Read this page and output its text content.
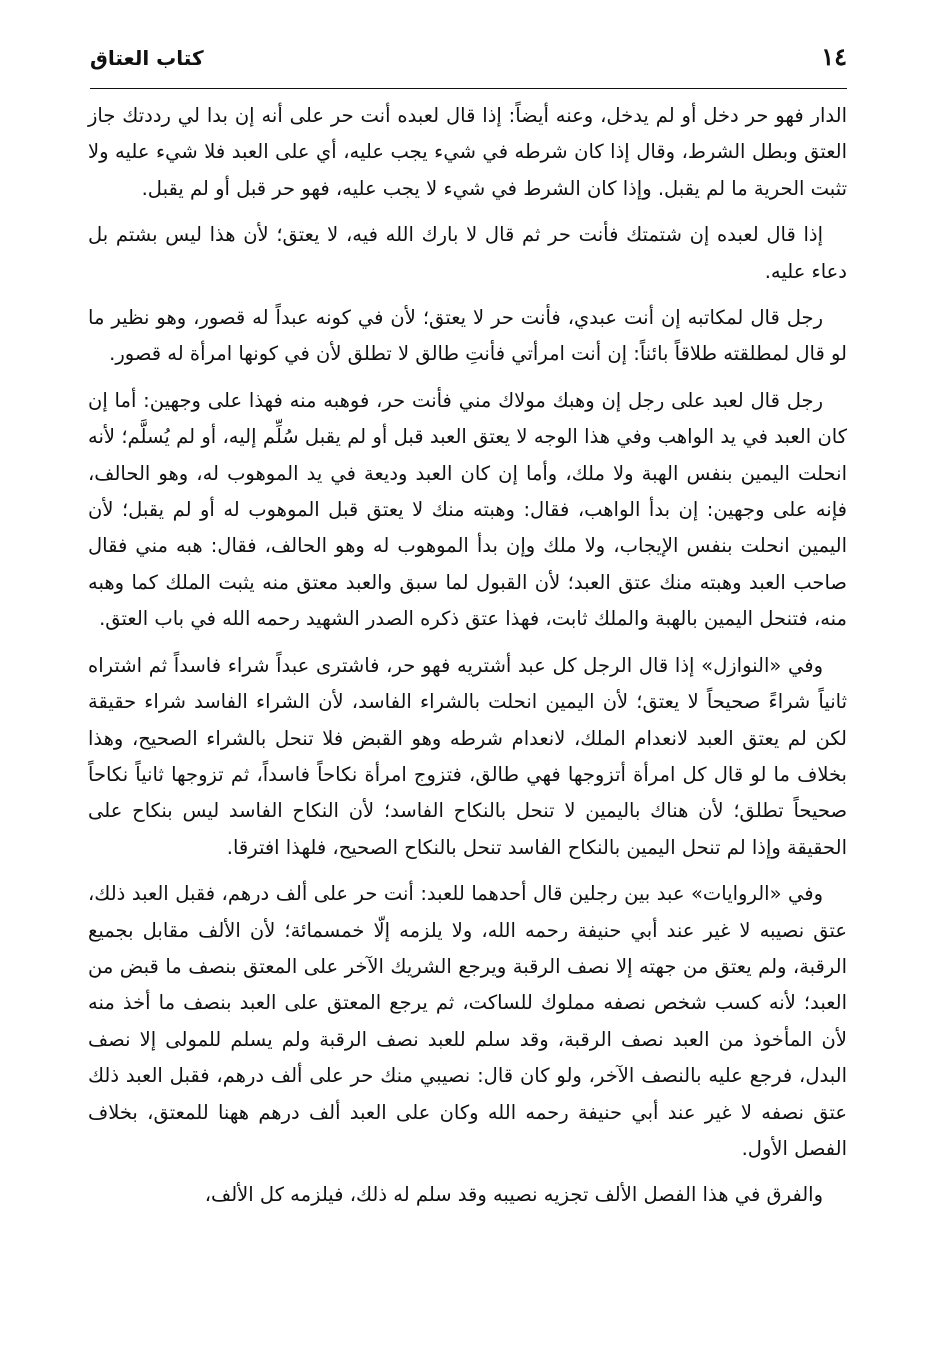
١٤
كتاب العتاق

الدار فهو حر دخل أو لم يدخل، وعنه أيضاً: إذا قال لعبده أنت حر على أنه إن بدا لي رددتك جاز العتق وبطل الشرط، وقال إذا كان شرطه في شيء يجب عليه، أي على العبد فلا شيء عليه ولا تثبت الحرية ما لم يقبل. وإذا كان الشرط في شيء لا يجب عليه، فهو حر قبل أو لم يقبل.

إذا قال لعبده إن شتمتك فأنت حر ثم قال لا بارك الله فيه، لا يعتق؛ لأن هذا ليس بشتم بل دعاء عليه.

رجل قال لمكاتبه إن أنت عبدي، فأنت حر لا يعتق؛ لأن في كونه عبداً له قصور، وهو نظير ما لو قال لمطلقته طلاقاً بائناً: إن أنت امرأتي فأنتِ طالق لا تطلق لأن في كونها امرأة له قصور.

رجل قال لعبد على رجل إن وهبك مولاك مني فأنت حر، فوهبه منه فهذا على وجهين: أما إن كان العبد في يد الواهب وفي هذا الوجه لا يعتق العبد قبل أو لم يقبل سُلِّم إليه، أو لم يُسلَّم؛ لأنه انحلت اليمين بنفس الهبة ولا ملك، وأما إن كان العبد وديعة في يد الموهوب له، وهو الحالف، فإنه على وجهين: إن بدأ الواهب، فقال: وهبته منك لا يعتق قبل الموهوب له أو لم يقبل؛ لأن اليمين انحلت بنفس الإيجاب، ولا ملك وإن بدأ الموهوب له وهو الحالف، فقال: هبه مني فقال صاحب العبد وهبته منك عتق العبد؛ لأن القبول لما سبق والعبد معتق منه يثبت الملك كما وهبه منه، فتنحل اليمين بالهبة والملك ثابت، فهذا عتق ذكره الصدر الشهيد رحمه الله في باب العتق.

وفي «النوازل» إذا قال الرجل كل عبد أشتريه فهو حر، فاشترى عبداً شراء فاسداً ثم اشتراه ثانياً شراءً صحيحاً لا يعتق؛ لأن اليمين انحلت بالشراء الفاسد، لأن الشراء الفاسد شراء حقيقة لكن لم يعتق العبد لانعدام الملك، لانعدام شرطه وهو القبض فلا تنحل بالشراء الصحيح، وهذا بخلاف ما لو قال كل امرأة أتزوجها فهي طالق، فتزوج امرأة نكاحاً فاسداً، ثم تزوجها ثانياً نكاحاً صحيحاً تطلق؛ لأن هناك باليمين لا تنحل بالنكاح الفاسد؛ لأن النكاح الفاسد ليس بنكاح على الحقيقة وإذا لم تنحل اليمين بالنكاح الفاسد تنحل بالنكاح الصحيح، فلهذا افترقا.

وفي «الروايات» عبد بين رجلين قال أحدهما للعبد: أنت حر على ألف درهم، فقبل العبد ذلك، عتق نصيبه لا غير عند أبي حنيفة رحمه الله، ولا يلزمه إلّا خمسمائة؛ لأن الألف مقابل بجميع الرقبة، ولم يعتق من جهته إلا نصف الرقبة ويرجع الشريك الآخر على المعتق بنصف ما قبض من العبد؛ لأنه كسب شخص نصفه مملوك للساكت، ثم يرجع المعتق على العبد بنصف ما أخذ منه لأن المأخوذ من العبد نصف الرقبة، وقد سلم للعبد نصف الرقبة ولم يسلم للمولى إلا نصف البدل، فرجع عليه بالنصف الآخر، ولو كان قال: نصيبي منك حر على ألف درهم، فقبل العبد ذلك عتق نصفه لا غير عند أبي حنيفة رحمه الله وكان على العبد ألف درهم ههنا للمعتق، بخلاف الفصل الأول.

والفرق في هذا الفصل الألف تجزيه نصيبه وقد سلم له ذلك، فيلزمه كل الألف،
